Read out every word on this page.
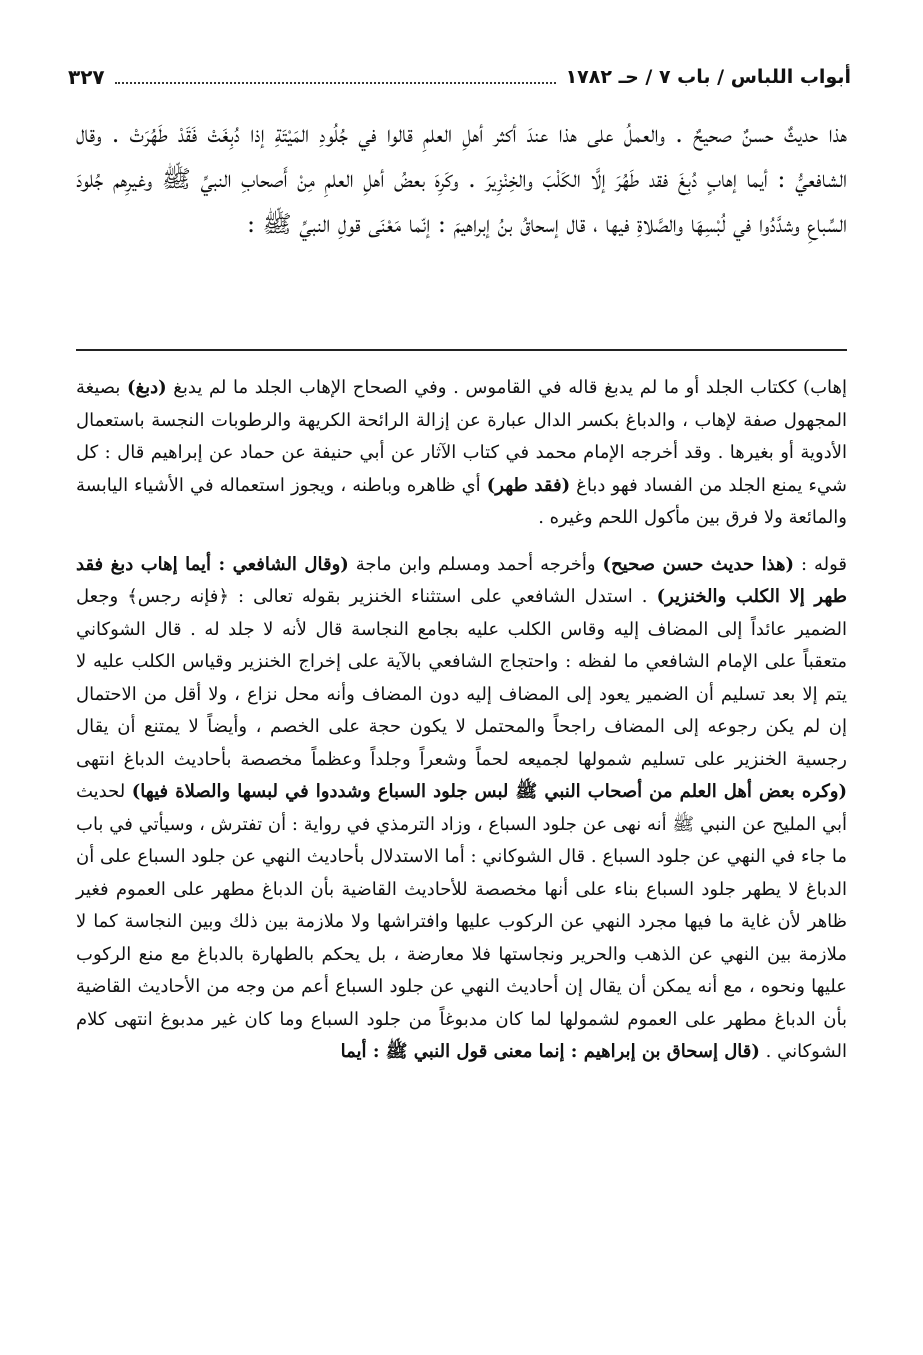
أبواب اللباس / باب ٧ / حـ ١٧٨٢
٣٢٧

هذا حديثٌ حسنٌ صحيحٌ . والعملُ على هذا عندَ أكثر أهلِ العلمِ قالوا في جُلُودِ المَيْتَةِ إذا دُبِغَتْ فَقَدْ طَهُرَتْ . وقال الشافعيُّ : أيما إهابٍ دُبِغَ فقد طَهُرَ إلَّا الكَلْبَ والخِنْزِيرَ . وكَرِهَ بعضُ أهلِ العلمِ مِنْ أَصحابِ النبيِّ ﷺ وغيرِهم جُلودَ السِّباعِ وشدَّدُوا في لُبْسِهَا والصَّلاةِ فيها ، قال إسحاقُ بنُ إبراهيمَ : إنّما مَعْنَى قولِ النبيِّ ﷺ :

إهاب) ككتاب الجلد أو ما لم يدبغ قاله في القاموس . وفي الصحاح الإهاب الجلد ما لم يدبغ (دبغ) بصيغة المجهول صفة لإهاب ، والدباغ بكسر الدال عبارة عن إزالة الرائحة الكريهة والرطوبات النجسة باستعمال الأدوية أو بغيرها . وقد أخرجه الإمام محمد في كتاب الآثار عن أبي حنيفة عن حماد عن إبراهيم قال : كل شيء يمنع الجلد من الفساد فهو دباغ (فقد طهر) أي ظاهره وباطنه ، ويجوز استعماله في الأشياء اليابسة والمائعة ولا فرق بين مأكول اللحم وغيره .

قوله : (هذا حديث حسن صحيح) وأخرجه أحمد ومسلم وابن ماجة (وقال الشافعي : أيما إهاب دبغ فقد طهر إلا الكلب والخنزير) . استدل الشافعي على استثناء الخنزير بقوله تعالى : ﴿فإنه رجس﴾ وجعل الضمير عائداً إلى المضاف إليه وقاس الكلب عليه بجامع النجاسة قال لأنه لا جلد له . قال الشوكاني متعقباً على الإمام الشافعي ما لفظه : واحتجاج الشافعي بالآية على إخراج الخنزير وقياس الكلب عليه لا يتم إلا بعد تسليم أن الضمير يعود إلى المضاف إليه دون المضاف وأنه محل نزاع ، ولا أقل من الاحتمال إن لم يكن رجوعه إلى المضاف راجحاً والمحتمل لا يكون حجة على الخصم ، وأيضاً لا يمتنع أن يقال رجسية الخنزير على تسليم شمولها لجميعه لحماً وشعراً وجلداً وعظماً مخصصة بأحاديث الدباغ انتهى (وكره بعض أهل العلم من أصحاب النبي ﷺ لبس جلود السباع وشددوا في لبسها والصلاة فيها) لحديث أبي المليح عن النبي ﷺ أنه نهى عن جلود السباع ، وزاد الترمذي في رواية : أن تفترش ، وسيأتي في باب ما جاء في النهي عن جلود السباع . قال الشوكاني : أما الاستدلال بأحاديث النهي عن جلود السباع على أن الدباغ لا يطهر جلود السباع بناء على أنها مخصصة للأحاديث القاضية بأن الدباغ مطهر على العموم فغير ظاهر لأن غاية ما فيها مجرد النهي عن الركوب عليها وافتراشها ولا ملازمة بين ذلك وبين النجاسة كما لا ملازمة بين النهي عن الذهب والحرير ونجاستها فلا معارضة ، بل يحكم بالطهارة بالدباغ مع منع الركوب عليها ونحوه ، مع أنه يمكن أن يقال إن أحاديث النهي عن جلود السباع أعم من وجه من الأحاديث القاضية بأن الدباغ مطهر على العموم لشمولها لما كان مدبوغاً من جلود السباع وما كان غير مدبوغ انتهى كلام الشوكاني . (قال إسحاق بن إبراهيم : إنما معنى قول النبي ﷺ : أيما
